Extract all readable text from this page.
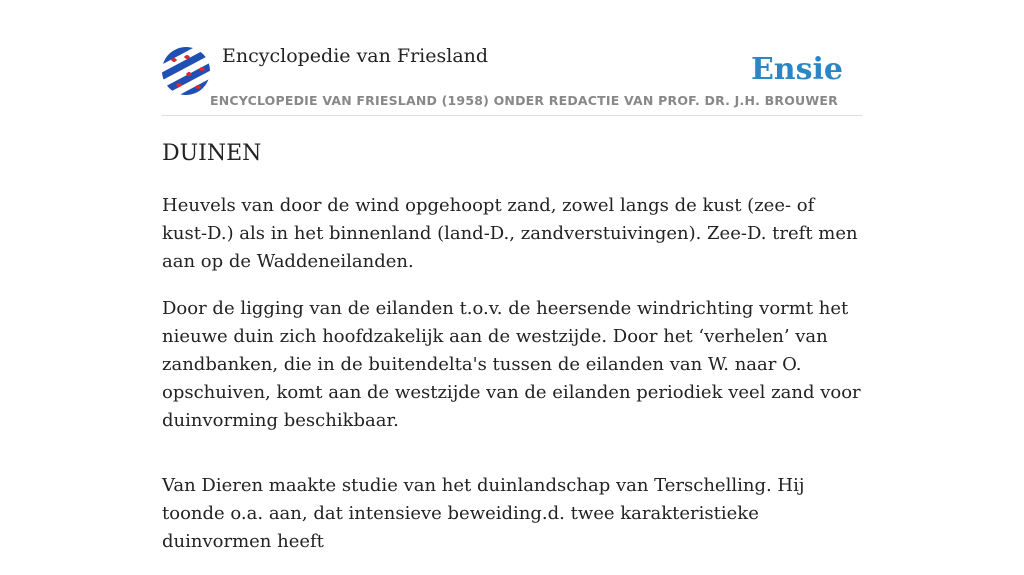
Encyclopedie van Friesland	Ensie
ENCYCLOPEDIE VAN FRIESLAND (1958) ONDER REDACTIE VAN PROF. DR. J.H. BROUWER
DUINEN

Heuvels van door de wind opgehoopt zand, zowel langs de kust (zee- of kust-D.) als in het binnenland (land-D., zandverstuivingen). Zee-D. treft men aan op de Waddeneilanden.

Door de ligging van de eilanden t.o.v. de heersende windrichting vormt het nieuwe duin zich hoofdzakelijk aan de westzijde. Door het ‘verhelen’ van zandbanken, die in de buitendelta's tussen de eilanden van W. naar O. opschuiven, komt aan de westzijde van de eilanden periodiek veel zand voor duinvorming beschikbaar.

Van Dieren maakte studie van het duinlandschap van Terschelling. Hij toonde o.a. aan, dat intensieve beweiding.d. twee karakteristieke duinvormen heeft
